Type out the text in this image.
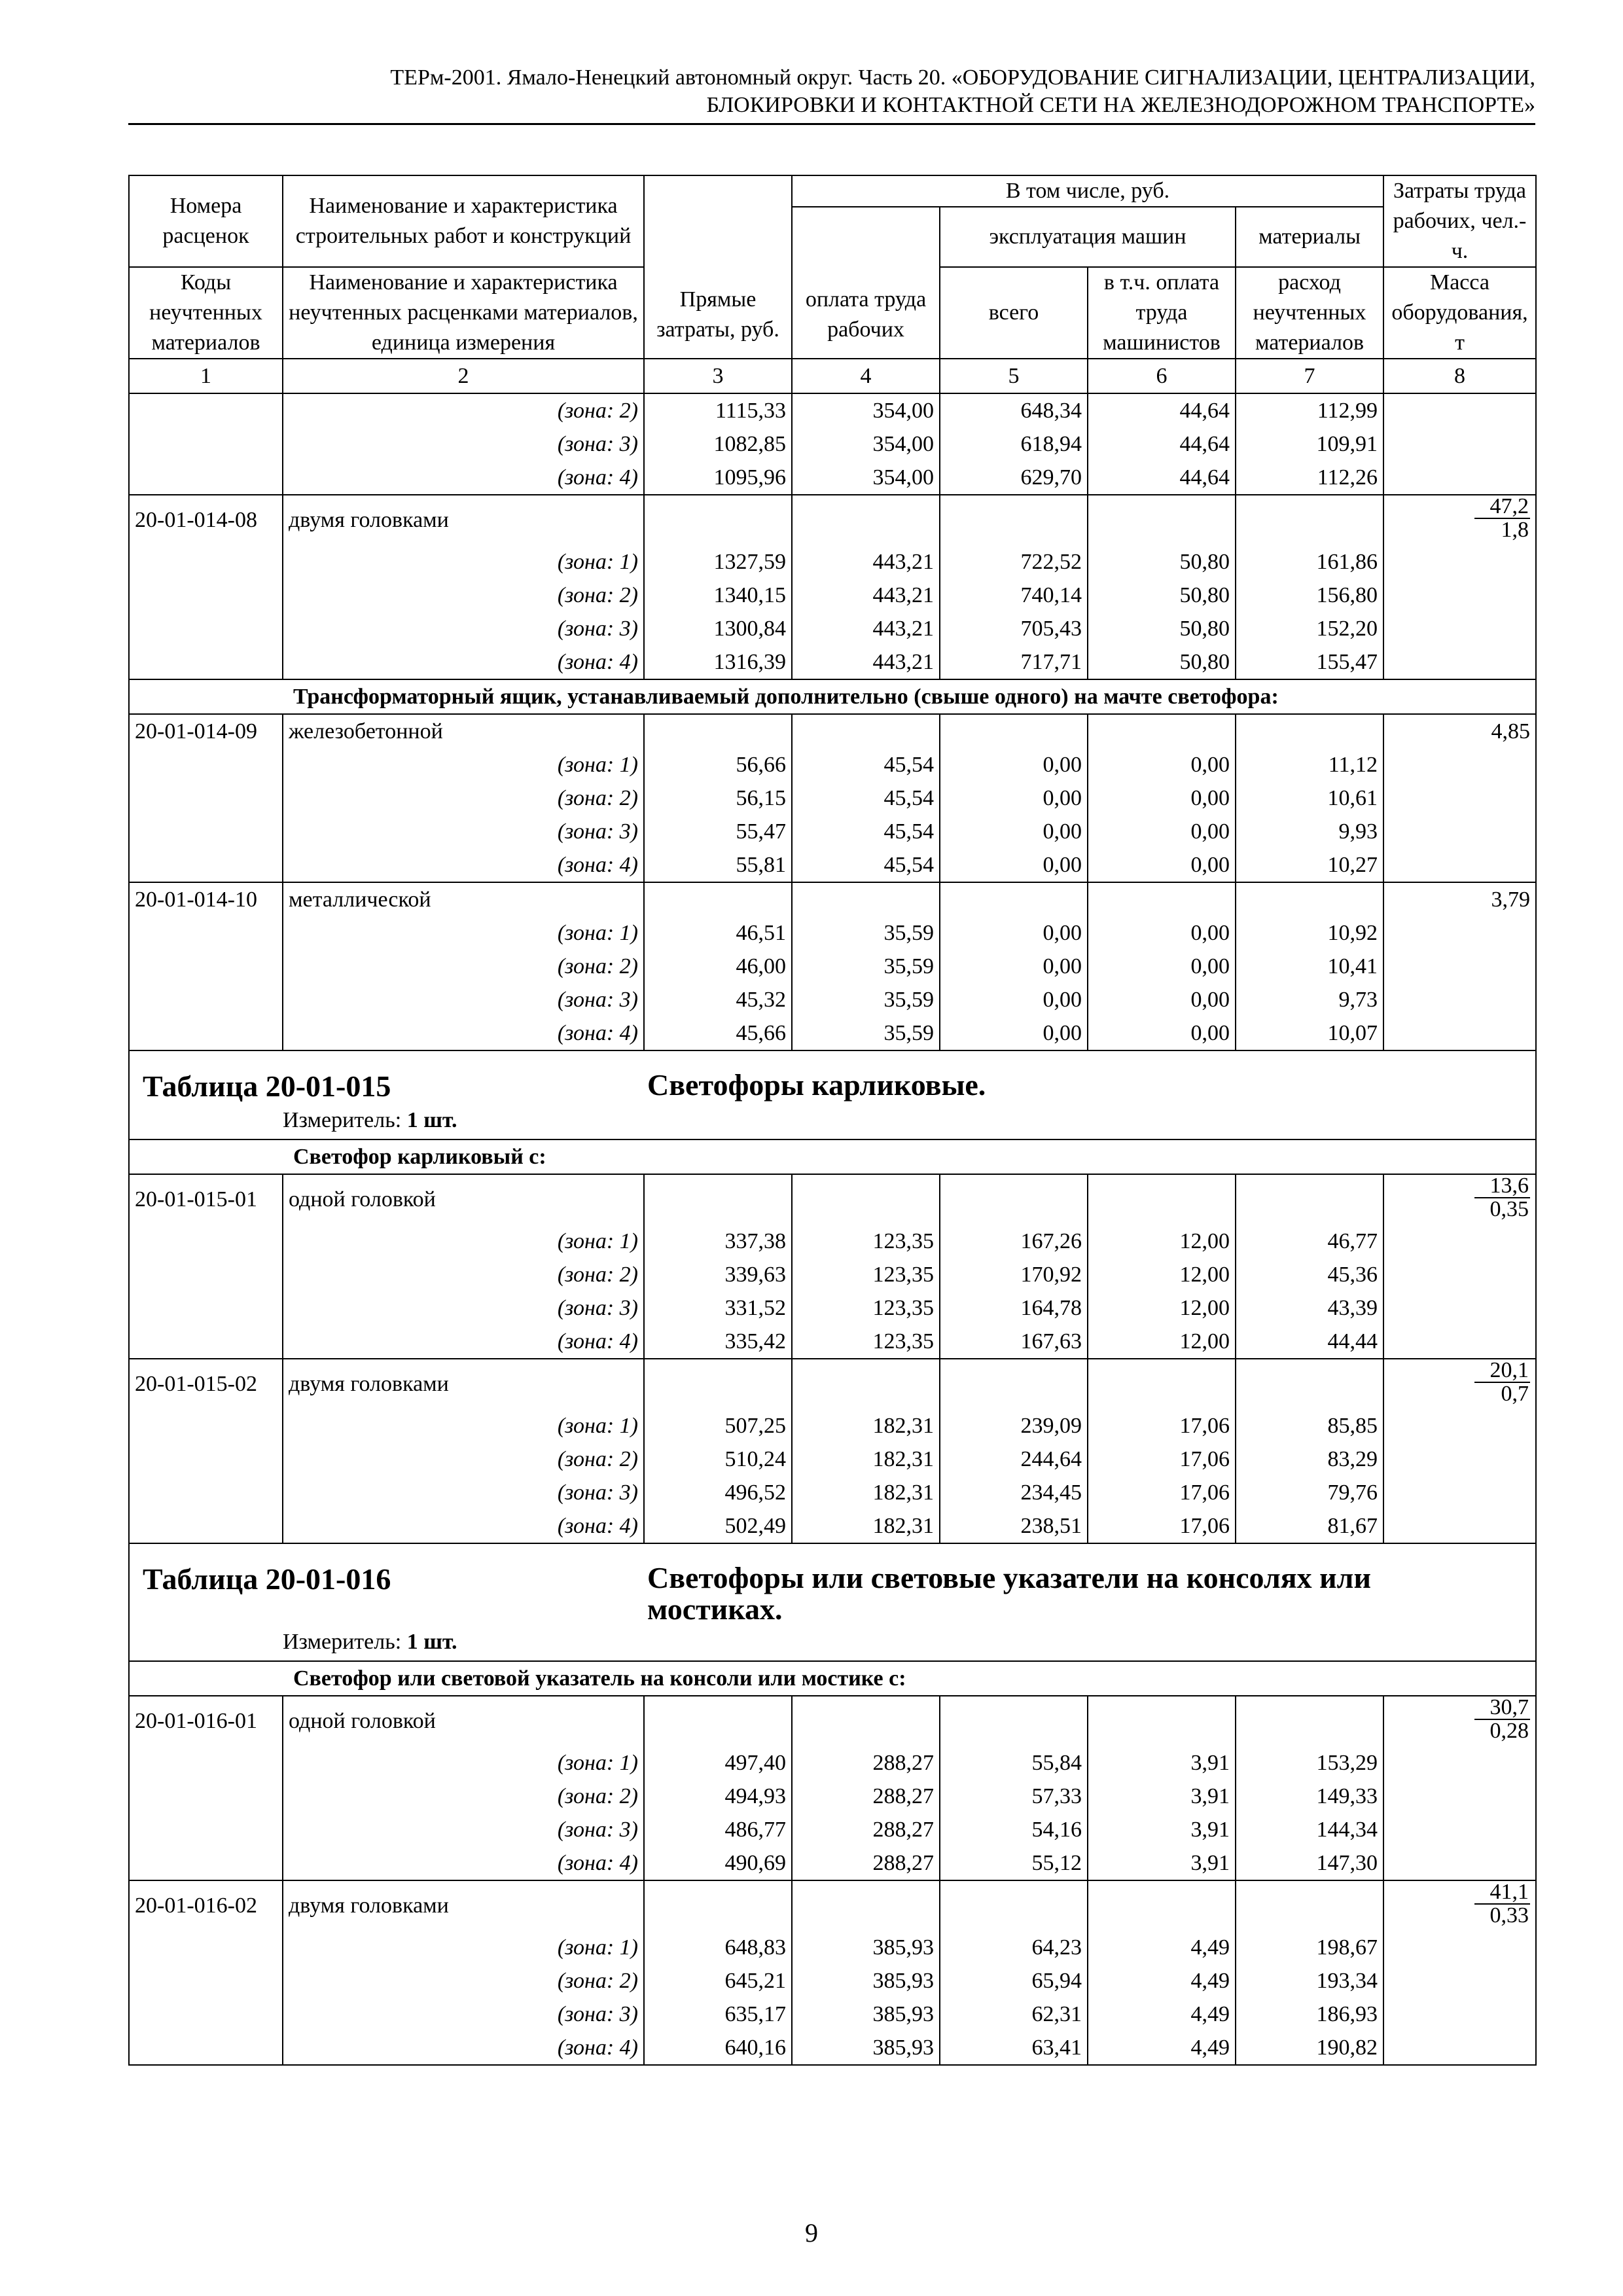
ТЕРм-2001. Ямало-Ненецкий автономный округ. Часть 20. «ОБОРУДОВАНИЕ СИГНАЛИЗАЦИИ, ЦЕНТРАЛИЗАЦИИ,
БЛОКИРОВКИ И КОНТАКТНОЙ СЕТИ НА ЖЕЛЕЗНОДОРОЖНОМ ТРАНСПОРТЕ»
Номера расценок	Наименование и характеристика строительных работ и конструкций	Прямые затраты, руб.	В том числе, руб.				Затраты труда рабочих, чел.-ч.
			оплата труда рабочих	эксплуатация машин		материалы	
Коды неучтенных материалов	Наименование и характеристика неучтенных расценками материалов, единица измерения			всего	в т.ч. оплата труда машинистов	расход неучтенных материалов	Масса оборудования, т
1	2	3	4	5	6	7	8
	(зона: 2)	1115,33	354,00	648,34	44,64	112,99	
	(зона: 3)	1082,85	354,00	618,94	44,64	109,91	
	(зона: 4)	1095,96	354,00	629,70	44,64	112,26	
20-01-014-08	двумя головками						$\frac{47,2}{1,8}$

	(зона: 1)	1327,59	443,21	722,52	50,80	161,86	
	(зона: 2)	1340,15	443,21	740,14	50,80	156,80	
	(зона: 3)	1300,84	443,21	705,43	50,80	152,20	
	(зона: 4)	1316,39	443,21	717,71	50,80	155,47	
	Трансформаторный ящик, устанавливаемый дополнительно (свыше одного) на мачте светофора:						
20-01-014-09	железобетонной						4,85
	(зона: 1)	56,66	45,54	0,00	0,00	11,12	
	(зона: 2)	56,15	45,54	0,00	0,00	10,61	
	(зона: 3)	55,47	45,54	0,00	0,00	9,93	
	(зона: 4)	55,81	45,54	0,00	0,00	10,27	
20-01-014-10	металлической						3,79
	(зона: 1)	46,51	35,59	0,00	0,00	10,92	
	(зона: 2)	46,00	35,59	0,00	0,00	10,41	
	(зона: 3)	45,32	35,59	0,00	0,00	9,73	
	(зона: 4)	45,66	35,59	0,00	0,00	10,07	

Таблица 20-01-015 Светофоры карликовые.
Измеритель: 1 шт.							

	Светофор карликовый с:						
20-01-015-01	одной головкой						$\frac{13,6}{0,35}$

	(зона: 1)	337,38	123,35	167,26	12,00	46,77	
	(зона: 2)	339,63	123,35	170,92	12,00	45,36	
	(зона: 3)	331,52	123,35	164,78	12,00	43,39	
	(зона: 4)	335,42	123,35	167,63	12,00	44,44	
20-01-015-02	двумя головками						$\frac{20,1}{0,7}$

	(зона: 1)	507,25	182,31	239,09	17,06	85,85	
	(зона: 2)	510,24	182,31	244,64	17,06	83,29	
	(зона: 3)	496,52	182,31	234,45	17,06	79,76	
	(зона: 4)	502,49	182,31	238,51	17,06	81,67	

Таблица 20-01-016 Светофоры или световые указатели на консолях или мостиках.
Измеритель: 1 шт.							

	Светофор или световой указатель на консоли или мостике с:						
20-01-016-01	одной головкой						$\frac{30,7}{0,28}$

	(зона: 1)	497,40	288,27	55,84	3,91	153,29	
	(зона: 2)	494,93	288,27	57,33	3,91	149,33	
	(зона: 3)	486,77	288,27	54,16	3,91	144,34	
	(зона: 4)	490,69	288,27	55,12	3,91	147,30	
20-01-016-02	двумя головками						$\frac{41,1}{0,33}$

	(зона: 1)	648,83	385,93	64,23	4,49	198,67	
	(зона: 2)	645,21	385,93	65,94	4,49	193,34	
	(зона: 3)	635,17	385,93	62,31	4,49	186,93	
	(зона: 4)	640,16	385,93	63,41	4,49	190,82	
9
